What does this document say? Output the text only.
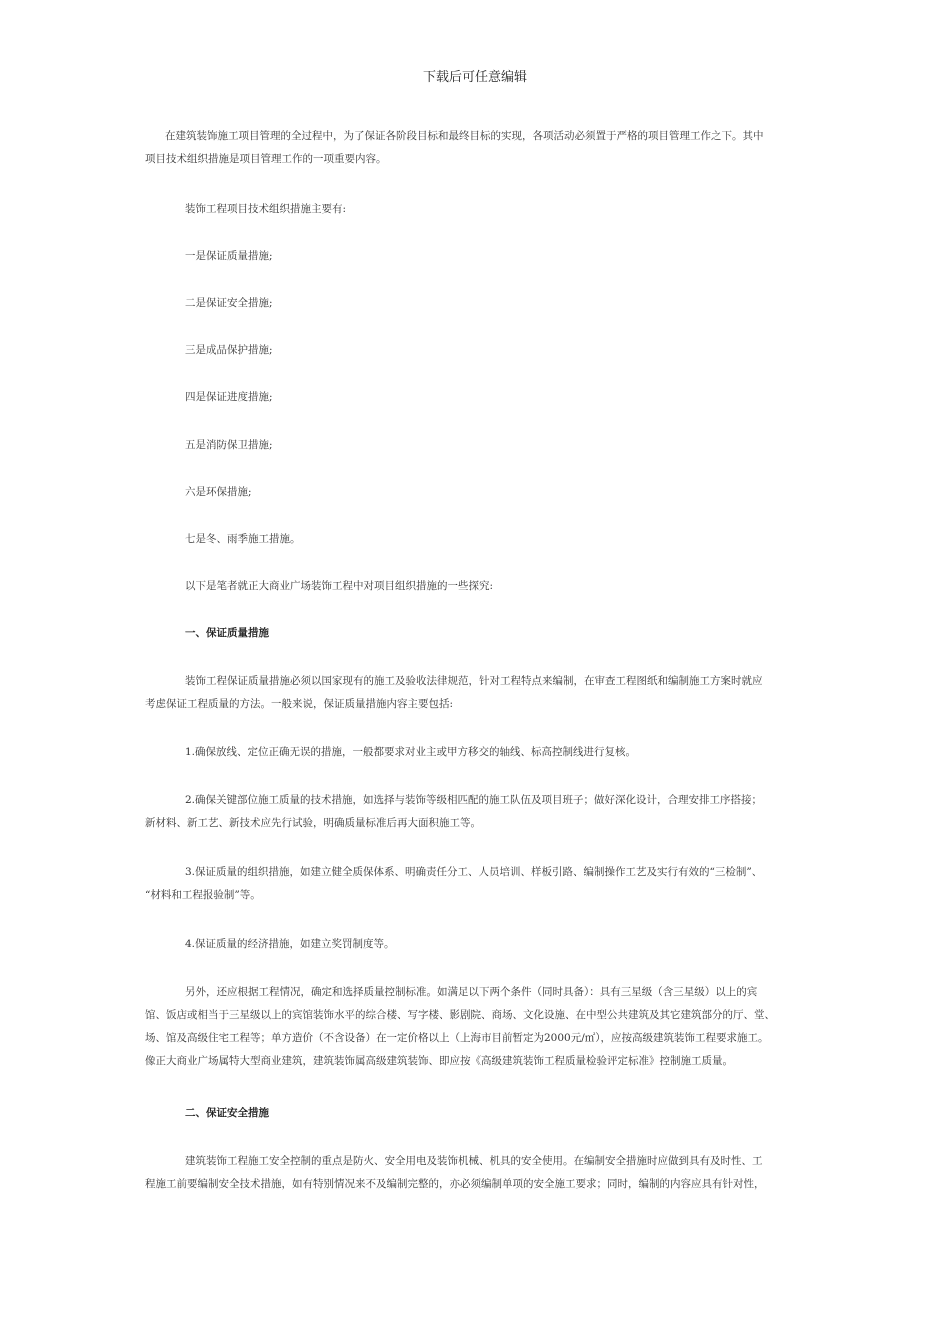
下载后可任意编辑
在建筑装饰施工项目管理的全过程中，为了保证各阶段目标和最终目标的实现，各项活动必须置于严格的项目管理工作之下。其中
项目技术组织措施是项目管理工作的一项重要内容。
装饰工程项目技术组织措施主要有:
一是保证质量措施;
二是保证安全措施;
三是成品保护措施;
四是保证进度措施;
五是消防保卫措施;
六是环保措施;
七是冬、雨季施工措施。
以下是笔者就正大商业广场装饰工程中对项目组织措施的一些探究:
一、保证质量措施
装饰工程保证质量措施必须以国家现有的施工及验收法律规范，针对工程特点来编制，在审查工程图纸和编制施工方案时就应
考虑保证工程质量的方法。一般来说，保证质量措施内容主要包括:
1.确保放线、定位正确无误的措施，一般都要求对业主或甲方移交的轴线、标高控制线进行复核。
2.确保关键部位施工质量的技术措施，如选择与装饰等级相匹配的施工队伍及项目班子；做好深化设计，合理安排工序搭接；
新材料、新工艺、新技术应先行试验，明确质量标准后再大面积施工等。
3.保证质量的组织措施，如建立健全质保体系、明确责任分工、人员培训、样板引路、编制操作工艺及实行有效的“三检制”、
“材料和工程报验制”等。
4.保证质量的经济措施，如建立奖罚制度等。
另外，还应根据工程情况，确定和选择质量控制标准。如满足以下两个条件（同时具备）：具有三星级（含三星级）以上的宾
馆、饭店或相当于三星级以上的宾馆装饰水平的综合楼、写字楼、影剧院、商场、文化设施、在中型公共建筑及其它建筑部分的厅、堂、
场、馆及高级住宅工程等；单方造价（不含设备）在一定价格以上（上海市目前暂定为2000元/㎡），应按高级建筑装饰工程要求施工。
像正大商业广场属特大型商业建筑，建筑装饰属高级建筑装饰、即应按《高级建筑装饰工程质量检验评定标准》控制施工质量。
二、保证安全措施
建筑装饰工程施工安全控制的重点是防火、安全用电及装饰机械、机具的安全使用。在编制安全措施时应做到具有及时性、工
程施工前要编制安全技术措施，如有特别情况来不及编制完整的，亦必须编制单项的安全施工要求；同时，编制的内容应具有针对性，
